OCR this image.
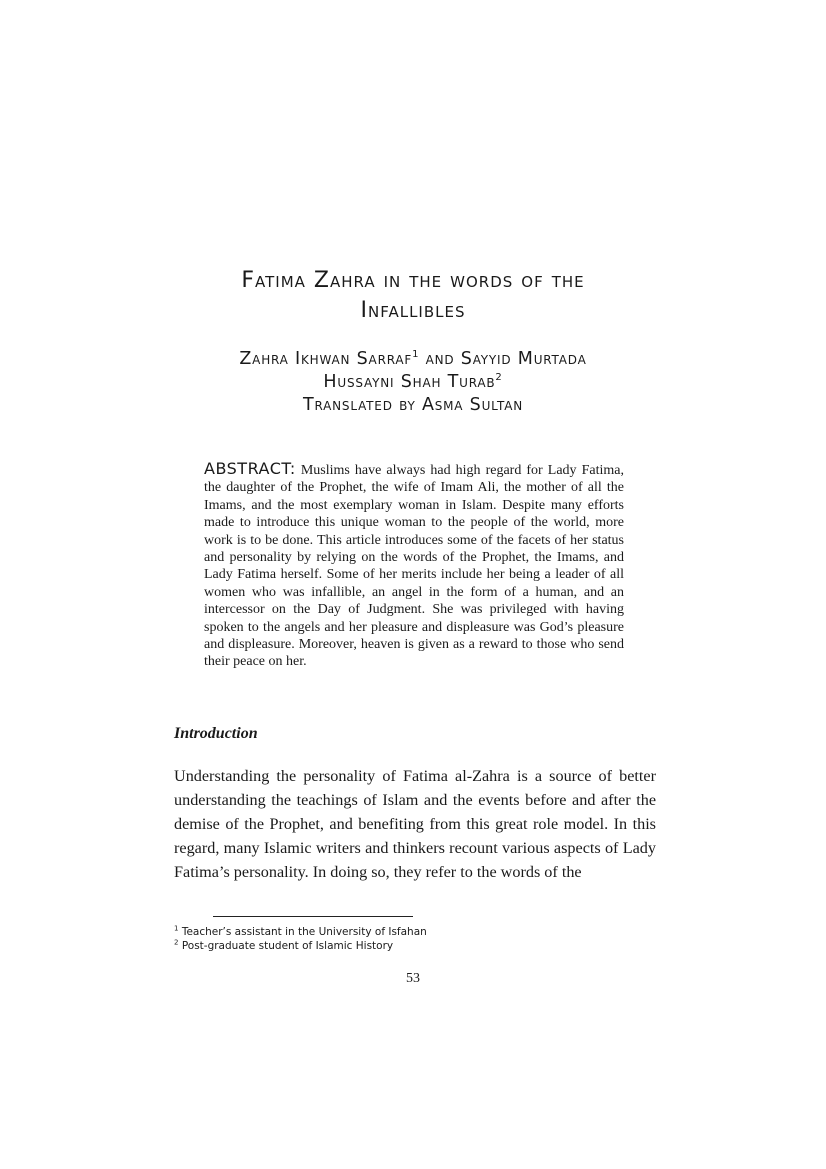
Fatima Zahra in the words of the
Infallibles
Zahra Ikhwan Sarraf$^1$ and Sayyid Murtada
Hussayni Shah Turab$^2$
Translated by Asma Sultan
ABSTRACT: Muslims have always had high regard for Lady Fatima, the daughter of the Prophet, the wife of Imam Ali, the mother of all the Imams, and the most exemplary woman in Islam. Despite many efforts made to introduce this unique woman to the people of the world, more work is to be done. This article introduces some of the facets of her status and personality by relying on the words of the Prophet, the Imams, and Lady Fatima herself. Some of her merits include her being a leader of all women who was infallible, an angel in the form of a human, and an intercessor on the Day of Judgment. She was privileged with having spoken to the angels and her pleasure and displeasure was God’s pleasure and displeasure. Moreover, heaven is given as a reward to those who send their peace on her.
Introduction
Understanding the personality of Fatima al-Zahra is a source of better understanding the teachings of Islam and the events before and after the demise of the Prophet, and benefiting from this great role model. In this regard, many Islamic writers and thinkers recount various aspects of Lady Fatima’s personality. In doing so, they refer to the words of the
$^1$ Teacher’s assistant in the University of Isfahan
$^2$ Post-graduate student of Islamic History
53
